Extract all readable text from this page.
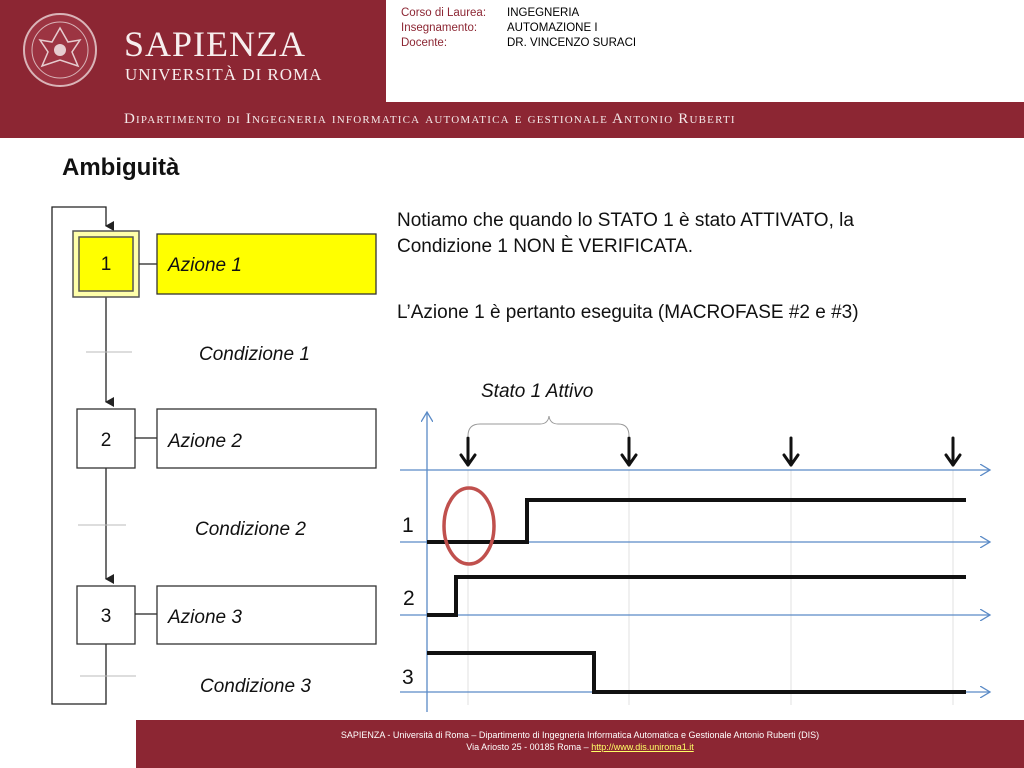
SAPIENZA
UNIVERSITÀ DI ROMA
Corso di Laurea: INGEGNERIA
Insegnamento:	AUTOMAZIONE I
Docente:	DR. VINCENZO SURACI
Dipartimento di Ingegneria informatica automatica e gestionale Antonio Ruberti
Ambiguità
Notiamo che quando lo STATO 1 è stato ATTIVATO, la
Condizione 1 NON È VERIFICATA.
L’Azione 1 è pertanto eseguita (MACROFASE #2 e #3)
1	Azione 1
2	Azione 2
3	Azione 3
Condizione 1
Condizione 2
Condizione 3
Stato 1 Attivo
1
2
3
SAPIENZA - Università di Roma – Dipartimento di Ingegneria Informatica Automatica e Gestionale Antonio Ruberti (DIS)
Via Ariosto 25 - 00185 Roma – http://www.dis.uniroma1.it
